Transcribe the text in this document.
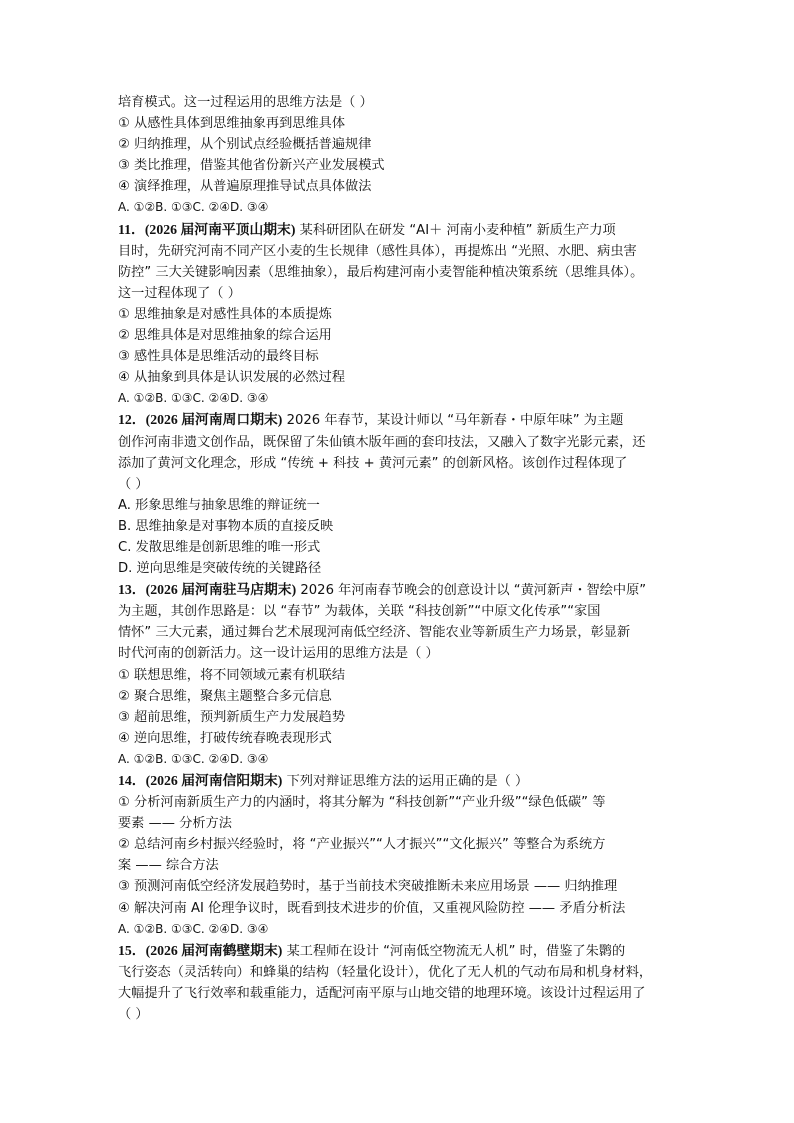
培育模式。这一过程运用的思维方法是（ ）
① 从感性具体到思维抽象再到思维具体
② 归纳推理，从个别试点经验概括普遍规律
③ 类比推理，借鉴其他省份新兴产业发展模式
④ 演绎推理，从普遍原理推导试点具体做法
A. ①②B. ①③C. ②④D. ③④
11．(2026 届河南平顶山期末) 某科研团队在研发 “AI＋ 河南小麦种植” 新质生产力项
目时，先研究河南不同产区小麦的生长规律（感性具体），再提炼出 “光照、水肥、病虫害
防控” 三大关键影响因素（思维抽象），最后构建河南小麦智能种植决策系统（思维具体）。
这一过程体现了（ ）
① 思维抽象是对感性具体的本质提炼
② 思维具体是对思维抽象的综合运用
③ 感性具体是思维活动的最终目标
④ 从抽象到具体是认识发展的必然过程
A. ①②B. ①③C. ②④D. ③④
12．(2026 届河南周口期末) 2026 年春节，某设计师以 “马年新春・中原年味” 为主题
创作河南非遗文创作品，既保留了朱仙镇木版年画的套印技法，又融入了数字光影元素，还
添加了黄河文化理念，形成 “传统 + 科技 + 黄河元素” 的创新风格。该创作过程体现了
（ ）
A. 形象思维与抽象思维的辩证统一
B. 思维抽象是对事物本质的直接反映
C. 发散思维是创新思维的唯一形式
D. 逆向思维是突破传统的关键路径
13．(2026 届河南驻马店期末) 2026 年河南春节晚会的创意设计以 “黄河新声・智绘中原”
为主题，其创作思路是：以 “春节” 为载体，关联 “科技创新”“中原文化传承”“家国
情怀” 三大元素，通过舞台艺术展现河南低空经济、智能农业等新质生产力场景，彰显新
时代河南的创新活力。这一设计运用的思维方法是（ ）
① 联想思维，将不同领域元素有机联结
② 聚合思维，聚焦主题整合多元信息
③ 超前思维，预判新质生产力发展趋势
④ 逆向思维，打破传统春晚表现形式
A. ①②B. ①③C. ②④D. ③④
14．(2026 届河南信阳期末) 下列对辩证思维方法的运用正确的是（ ）
① 分析河南新质生产力的内涵时，将其分解为 “科技创新”“产业升级”“绿色低碳” 等
要素 —— 分析方法
② 总结河南乡村振兴经验时，将 “产业振兴”“人才振兴”“文化振兴” 等整合为系统方
案 —— 综合方法
③ 预测河南低空经济发展趋势时，基于当前技术突破推断未来应用场景 —— 归纳推理
④ 解决河南 AI 伦理争议时，既看到技术进步的价值，又重视风险防控 —— 矛盾分析法
A. ①②B. ①③C. ②④D. ③④
15．(2026 届河南鹤壁期末) 某工程师在设计 “河南低空物流无人机” 时，借鉴了朱鹮的
飞行姿态（灵活转向）和蜂巢的结构（轻量化设计），优化了无人机的气动布局和机身材料，
大幅提升了飞行效率和载重能力，适配河南平原与山地交错的地理环境。该设计过程运用了
（ ）
